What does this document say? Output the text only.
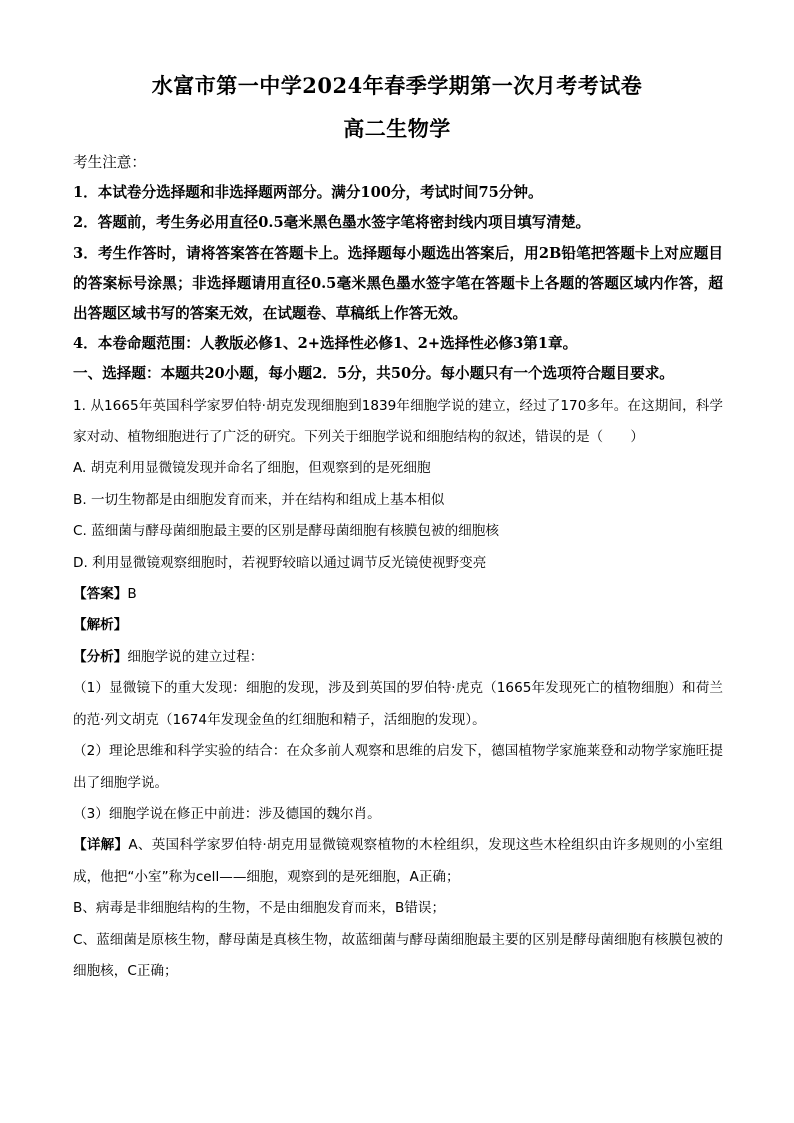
水富市第一中学2024年春季学期第一次月考考试卷
高二生物学

考生注意：

1．本试卷分选择题和非选择题两部分。满分100分，考试时间75分钟。

2．答题前，考生务必用直径0.5毫米黑色墨水签字笔将密封线内项目填写清楚。

3．考生作答时，请将答案答在答题卡上。选择题每小题选出答案后，用2B铅笔把答题卡上对应题目的答案标号涂黑；非选择题请用直径0.5毫米黑色墨水签字笔在答题卡上各题的答题区域内作答，超出答题区域书写的答案无效，在试题卷、草稿纸上作答无效。

4．本卷命题范围：人教版必修1、2+选择性必修1、2+选择性必修3第1章。

一、选择题：本题共20小题，每小题2．5分，共50分。每小题只有一个选项符合题目要求。

1. 从1665年英国科学家罗伯特·胡克发现细胞到1839年细胞学说的建立，经过了170多年。在这期间，科学家对动、植物细胞进行了广泛的研究。下列关于细胞学说和细胞结构的叙述，错误的是（　　）

A. 胡克利用显微镜发现并命名了细胞，但观察到的是死细胞

B. 一切生物都是由细胞发育而来，并在结构和组成上基本相似

C. 蓝细菌与酵母菌细胞最主要的区别是酵母菌细胞有核膜包被的细胞核

D. 利用显微镜观察细胞时，若视野较暗以通过调节反光镜使视野变亮

【答案】B

【解析】

【分析】细胞学说的建立过程：

（1）显微镜下的重大发现：细胞的发现，涉及到英国的罗伯特·虎克（1665年发现死亡的植物细胞）和荷兰的范·列文胡克（1674年发现金鱼的红细胞和精子，活细胞的发现）。

（2）理论思维和科学实验的结合：在众多前人观察和思维的启发下，德国植物学家施莱登和动物学家施旺提出了细胞学说。

（3）细胞学说在修正中前进：涉及德国的魏尔肖。

【详解】A、英国科学家罗伯特·胡克用显微镜观察植物的木栓组织，发现这些木栓组织由许多规则的小室组成，他把“小室”称为cell——细胞，观察到的是死细胞，A正确；

B、病毒是非细胞结构的生物，不是由细胞发育而来，B错误；

C、蓝细菌是原核生物，酵母菌是真核生物，故蓝细菌与酵母菌细胞最主要的区别是酵母菌细胞有核膜包被的细胞核，C正确；
